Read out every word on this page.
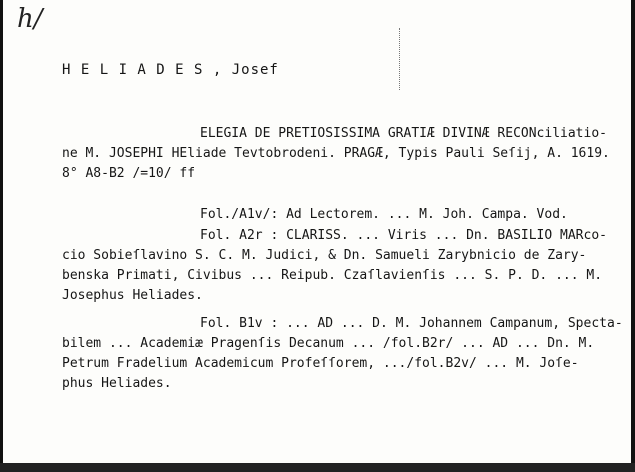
h/
H E L I A D E S , Josef
ELEGIA DE PRETIOSISSIMA GRATIÆ DIVINÆ RECONciliatio-
ne M. JOSEPHI HEliade Tevtobrodeni. PRAGÆ, Typis Pauli Seſij, A. 1619.
8° A8-B2 /=10/ ff
Fol./A1v/: Ad Lectorem. ... M. Joh. Campa. Vod.
Fol. A2r : CLARISS. ... Viris ... Dn. BASILIO MARco-
cio Sobieſlavino S. C. M. Judici, & Dn. Samueli Zarybnicio de Zary-
benska Primati, Civibus ... Reipub. Czaſlavienſis ... S. P. D. ... M.
Josephus Heliades.
Fol. B1v : ... AD ... D. M. Johannem Campanum, Specta-
bilem ... Academiæ Pragenſis Decanum ... /fol.B2r/ ... AD ... Dn. M.
Petrum Fradelium Academicum Profeſſorem, .../fol.B2v/ ... M. Joſe-
phus Heliades.
